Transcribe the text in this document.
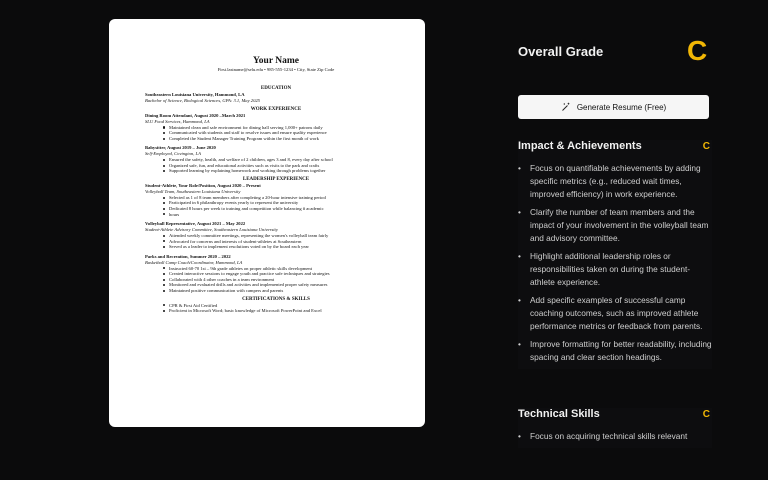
Your Name
First.lastname@selu.edu • 985-555-1234 • City, State Zip Code
EDUCATION
Southeastern Louisiana University, Hammond, LA
Bachelor of Science, Biological Sciences, GPA: 3.1, May 2025
WORK EXPERIENCE
Dining Room Attendant, August 2020 –March 2021
SLU Food Services, Hammond, LA
Maintained clean and safe environment for dining hall serving 1,000+ patrons daily
Communicated with students and staff to resolve issues and ensure quality experience
Completed the Student Manager Training Program within the first month of work
Babysitter, August 2019 – June 2020
Self-Employed, Covington, LA
Ensured the safety, health, and welfare of 2 children, ages 3 and 8, every day after school
Organized safe, fun, and educational activities such as visits to the park and crafts
Supported learning by explaining homework and working through problems together
LEADERSHIP EXPERIENCE
Student-Athlete, Your Role/Position, August 2020 – Present
Volleyball Team, Southeastern Louisiana University
Selected as 1 of 8 team members after completing a 20-hour intensive training period
Participated in 6 philanthropy events yearly to represent the university
Dedicated 8 hours per week to training and competition while balancing # academic
hours
Volleyball Representative, August 2021 – May 2022
Student-Athlete Advisory Committee, Southeastern Louisiana University
Attended weekly committee meetings, representing the women's volleyball team fairly
Advocated for concerns and interests of student-athletes at Southeastern
Served as a leader to implement resolutions voted on by the board each year
Parks and Recreation, Summer 2020 – 2022
Basketball Camp Coach/Coordinator, Hammond, LA
Instructed 60-70 1st – 9th grade athletes on proper athletic skills development
Created interactive sessions to engage youth and practice safe techniques and strategies
Collaborated with 4 other coaches in a team environment
Monitored and evaluated drills and activities and implemented proper safety measures
Maintained positive communication with campers and parents
CERTIFICATIONS & SKILLS
CPR & First Aid Certified
Proficient in Microsoft Word; basic knowledge of Microsoft PowerPoint and Excel
Overall Grade	C
Generate Resume (Free)
Impact & Achievements	C
• Focus on quantifiable achievements by adding specific metrics (e.g., reduced wait times, improved efficiency) in work experience.
• Clarify the number of team members and the impact of your involvement in the volleyball team and advisory committee.
• Highlight additional leadership roles or responsibilities taken on during the student-athlete experience.
• Add specific examples of successful camp coaching outcomes, such as improved athlete performance metrics or feedback from parents.
• Improve formatting for better readability, including spacing and clear section headings.
Technical Skills	C
• Focus on acquiring technical skills relevant
